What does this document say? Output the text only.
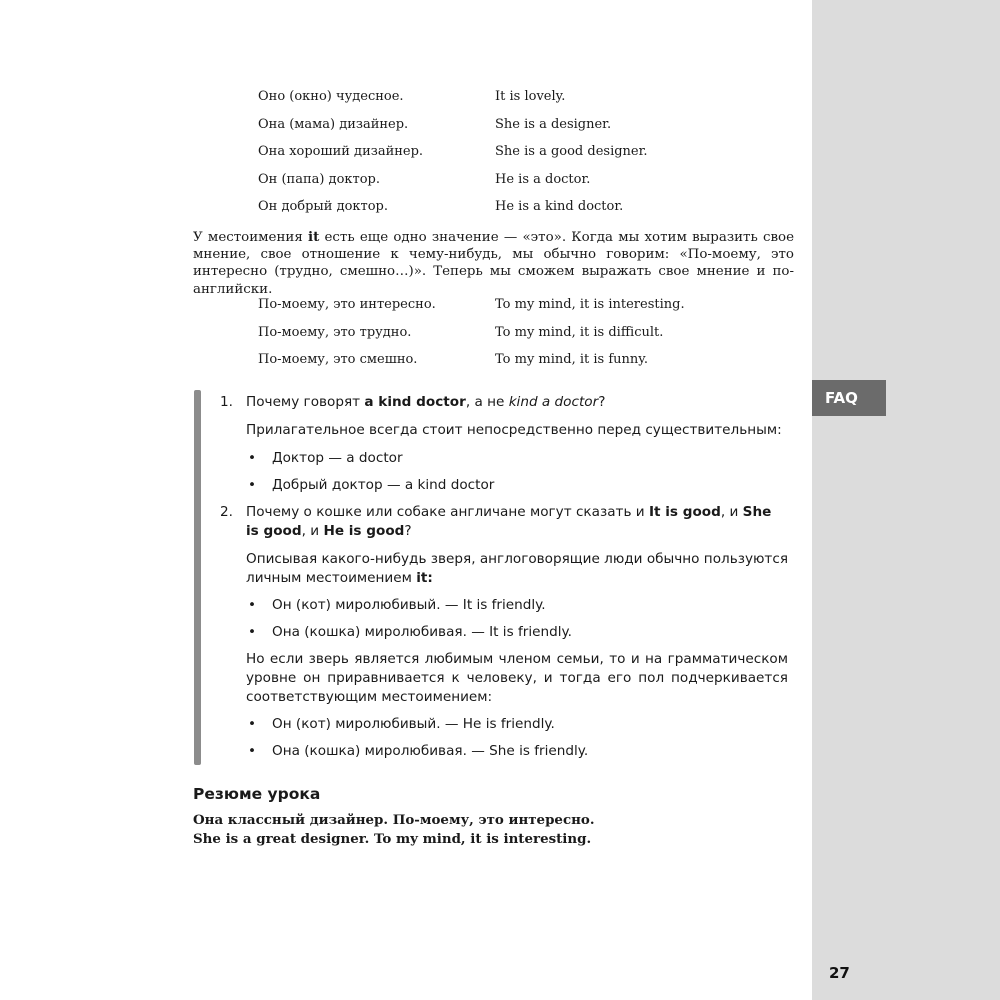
FAQ
27
Оно (окно) чудесное.	It is lovely.
Она (мама) дизайнер.	She is a designer.
Она хороший дизайнер.	She is a good designer.
Он (папа) доктор.	He is a doctor.
Он добрый доктор.	He is a kind doctor.
У местоимения it есть еще одно значение — «это». Когда мы хотим выразить свое мнение, свое отношение к чему-нибудь, мы обычно говорим: «По-моему, это интересно (трудно, смешно…)». Теперь мы сможем выражать свое мнение и по-английски.
По-моему, это интересно.	To my mind, it is interesting.
По-моему, это трудно.	To my mind, it is difficult.
По-моему, это смешно.	To my mind, it is funny.
1. Почему говорят a kind doctor, а не kind a doctor?
Прилагательное всегда стоит непосредственно перед существительным:
• Доктор — a doctor
• Добрый доктор — a kind doctor
2. Почему о кошке или собаке англичане могут сказать и It is good, и She is good, и He is good?
Описывая какого-нибудь зверя, англоговорящие люди обычно пользуются личным местоимением it:
• Он (кот) миролюбивый. — It is friendly.
• Она (кошка) миролюбивая. — It is friendly.
Но если зверь является любимым членом семьи, то и на грамматическом уровне он приравнивается к человеку, и тогда его пол подчеркивается соответствующим местоимением:
• Он (кот) миролюбивый. — He is friendly.
• Она (кошка) миролюбивая. — She is friendly.
Резюме урока
Она классный дизайнер. По-моему, это интересно.
She is a great designer. To my mind, it is interesting.
